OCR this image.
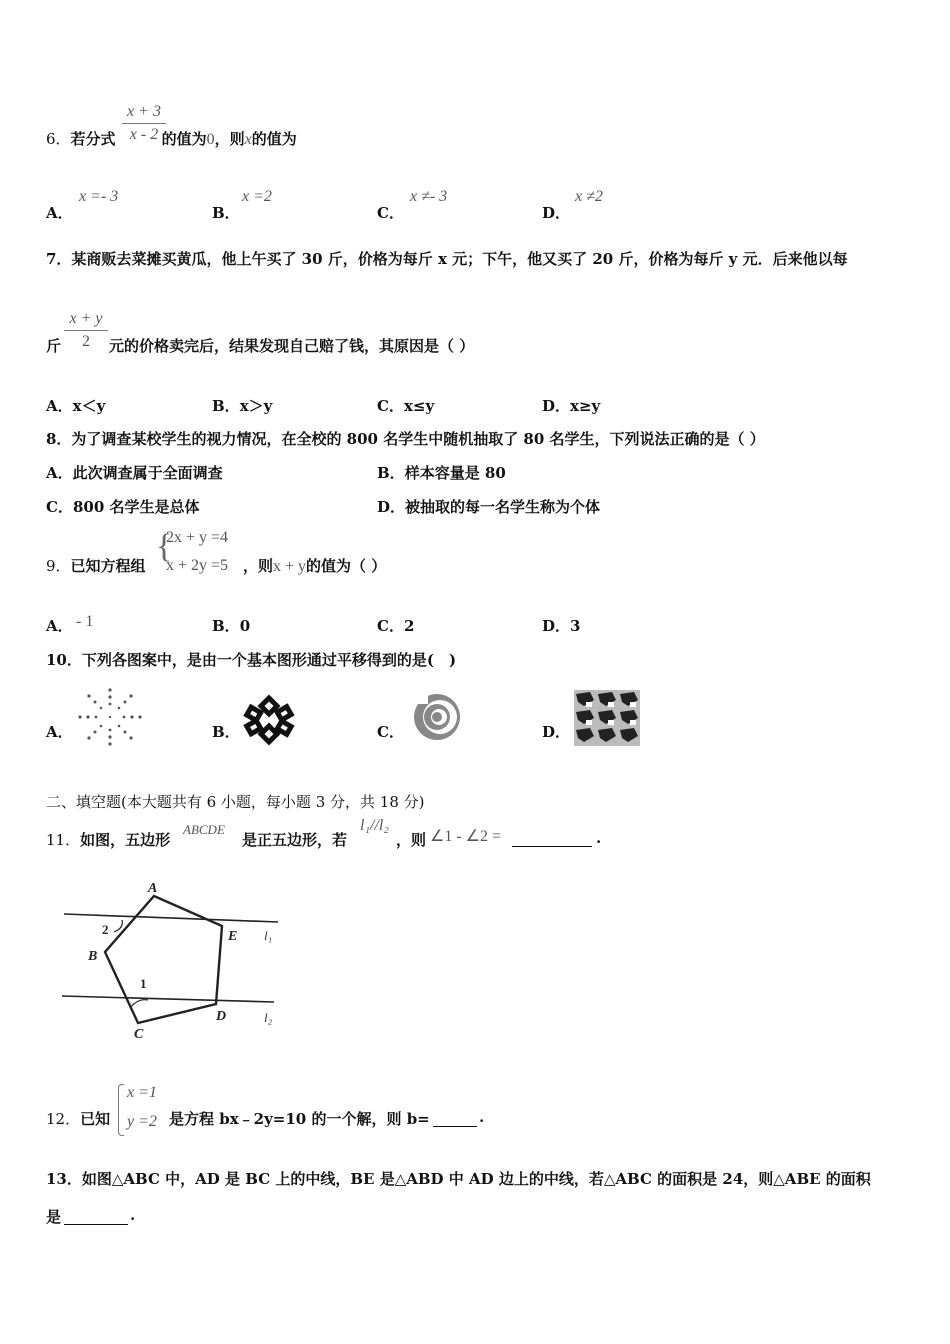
x + 3
x - 2
6．若分式	的值为0，则x的值为
A．
x =- 3
B．
x =2
C．
x ≠- 3
D．
x ≠2
7．某商贩去菜摊买黄瓜，他上午买了 30 斤，价格为每斤 x 元；下午，他又买了 20 斤，价格为每斤 y 元．后来他以每
x + y
2
斤	元的价格卖完后，结果发现自己赔了钱，其原因是（ ）
A．x＜y	B．x＞y	C．x≤y	D．x≥y
8．为了调查某校学生的视力情况，在全校的 800 名学生中随机抽取了 80 名学生，下列说法正确的是（ ）
A．此次调查属于全面调查	B．样本容量是 80
C．800 名学生是总体	D．被抽取的每一名学生称为个体
9．已知方程组
{
2x + y =4
x + 2y =5 ，则x + y的值为（ ）
A． - 1	B．0	C．2	D．3
10．下列各图案中，是由一个基本图形通过平移得到的是(　)
A．	B．	C．	D．
二、填空题(本大题共有 6 小题，每小题 3 分，共 18 分)
11．如图，五边形
ABCDE
是正五边形，若
l₁//l₂
，则 ∠1 - ∠2 =	.
A
E
B
C
D
2
1
l₁
l₂
12．已知
x =1
y =2 是方程 bx﹣2y=10 的一个解，则 b=	.
13．如图△ABC 中，AD 是 BC 上的中线，BE 是△ABD 中 AD 边上的中线，若△ABC 的面积是 24，则△ABE 的面积
是	.
